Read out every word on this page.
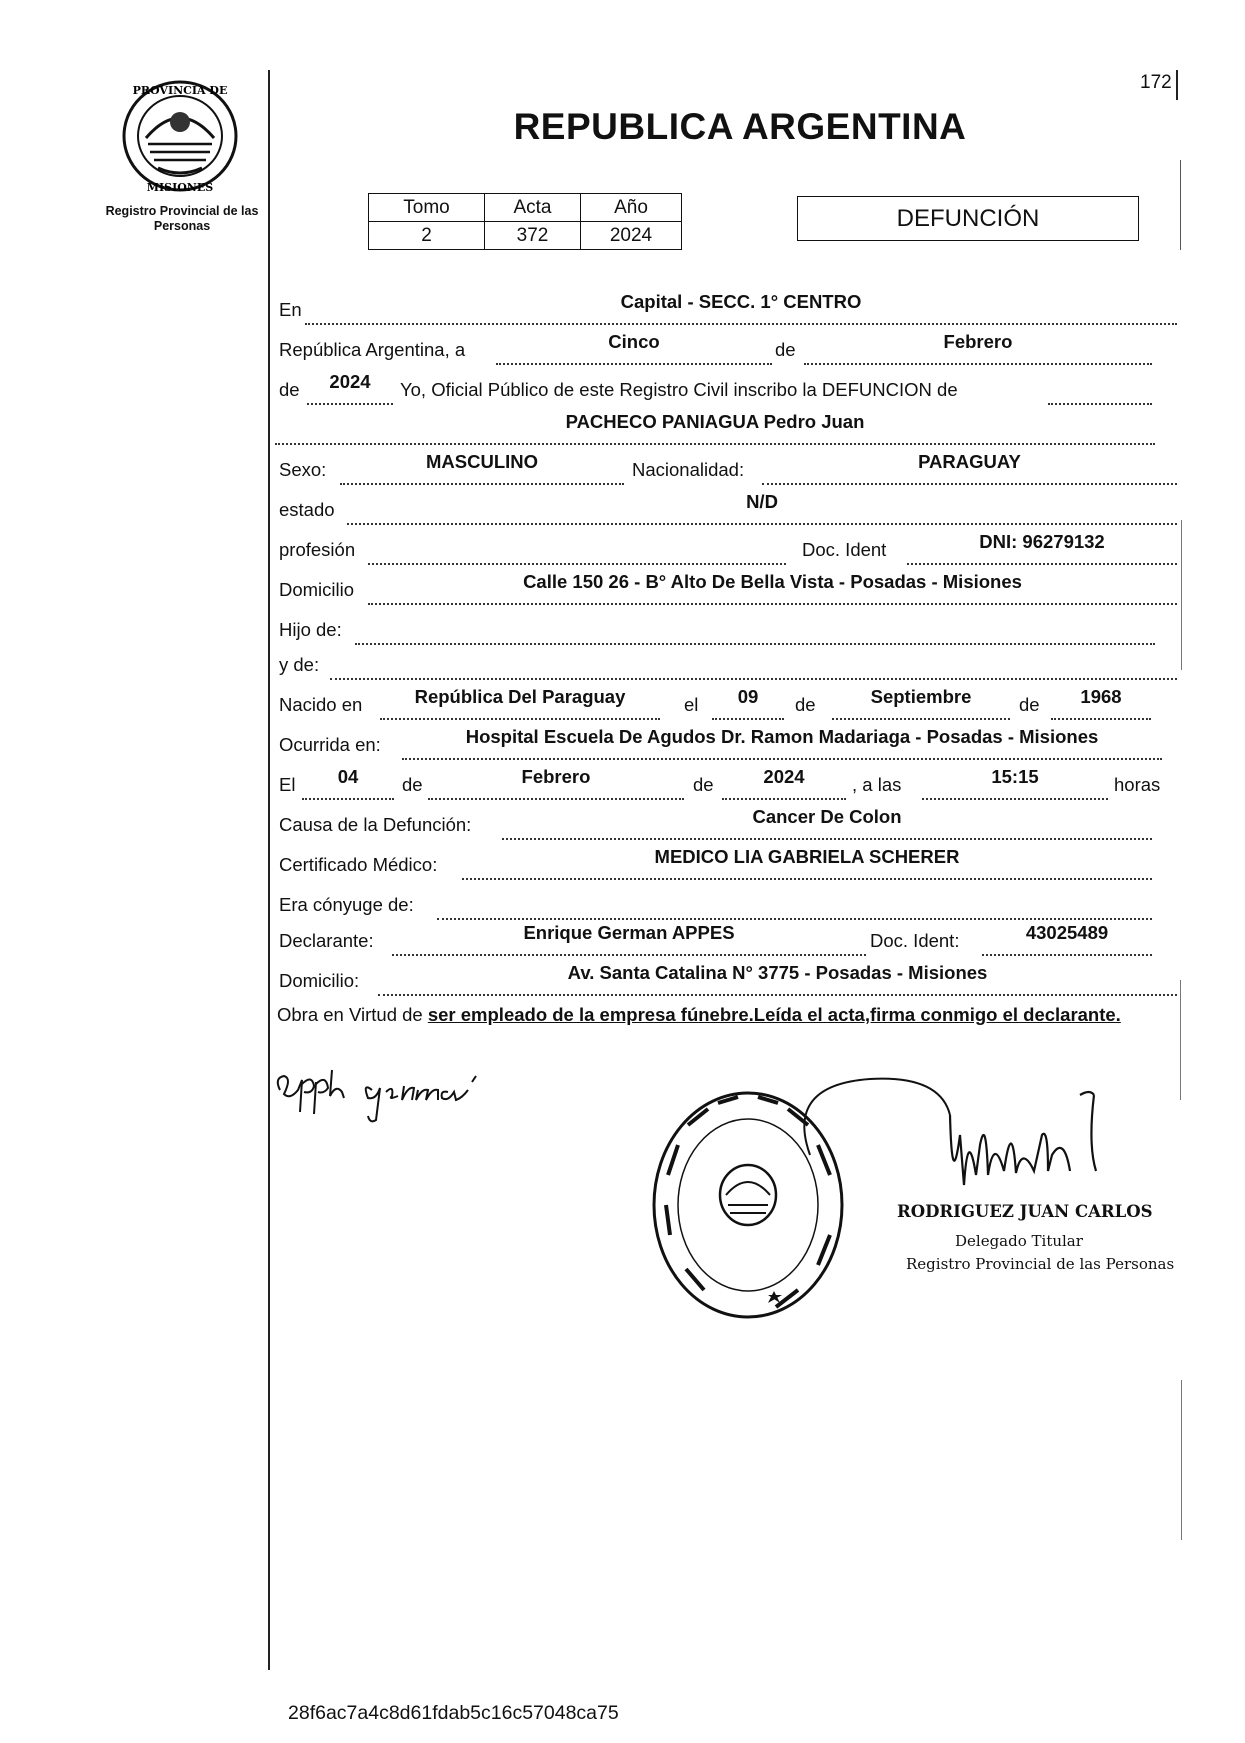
172
PROVINCIA DE
MISIONES
Registro Provincial de las Personas
REPUBLICA ARGENTINA
Tomo	Acta	Año
2	372	2024
DEFUNCIÓN
En	Capital - SECC. 1° CENTRO
República Argentina, a	Cinco	de	Febrero
de	2024	Yo, Oficial Público de este Registro Civil inscribo la DEFUNCION de
PACHECO PANIAGUA Pedro Juan
Sexo:	MASCULINO	Nacionalidad:	PARAGUAY
estado	N/D
profesión	Doc. Ident	DNI: 96279132
Domicilio	Calle 150 26 - B° Alto De Bella Vista - Posadas - Misiones
Hijo de:
y de:
Nacido en	República Del Paraguay	el	09	de	Septiembre	de	1968
Ocurrida en:	Hospital Escuela De Agudos Dr. Ramon Madariaga - Posadas - Misiones
El	04	de	Febrero	de	2024	, a las	15:15	horas
Causa de la Defunción:	Cancer De Colon
Certificado Médico:	MEDICO LIA GABRIELA SCHERER
Era cónyuge de:
Declarante:	Enrique German APPES	Doc. Ident:	43025489
Domicilio:	Av. Santa Catalina N° 3775 - Posadas - Misiones
Obra en Virtud de ser empleado de la empresa fúnebre.Leída el acta,firma conmigo el declarante.
RODRIGUEZ JUAN CARLOS
Delegado Titular
Registro Provincial de las Personas
28f6ac7a4c8d61fdab5c16c57048ca75
